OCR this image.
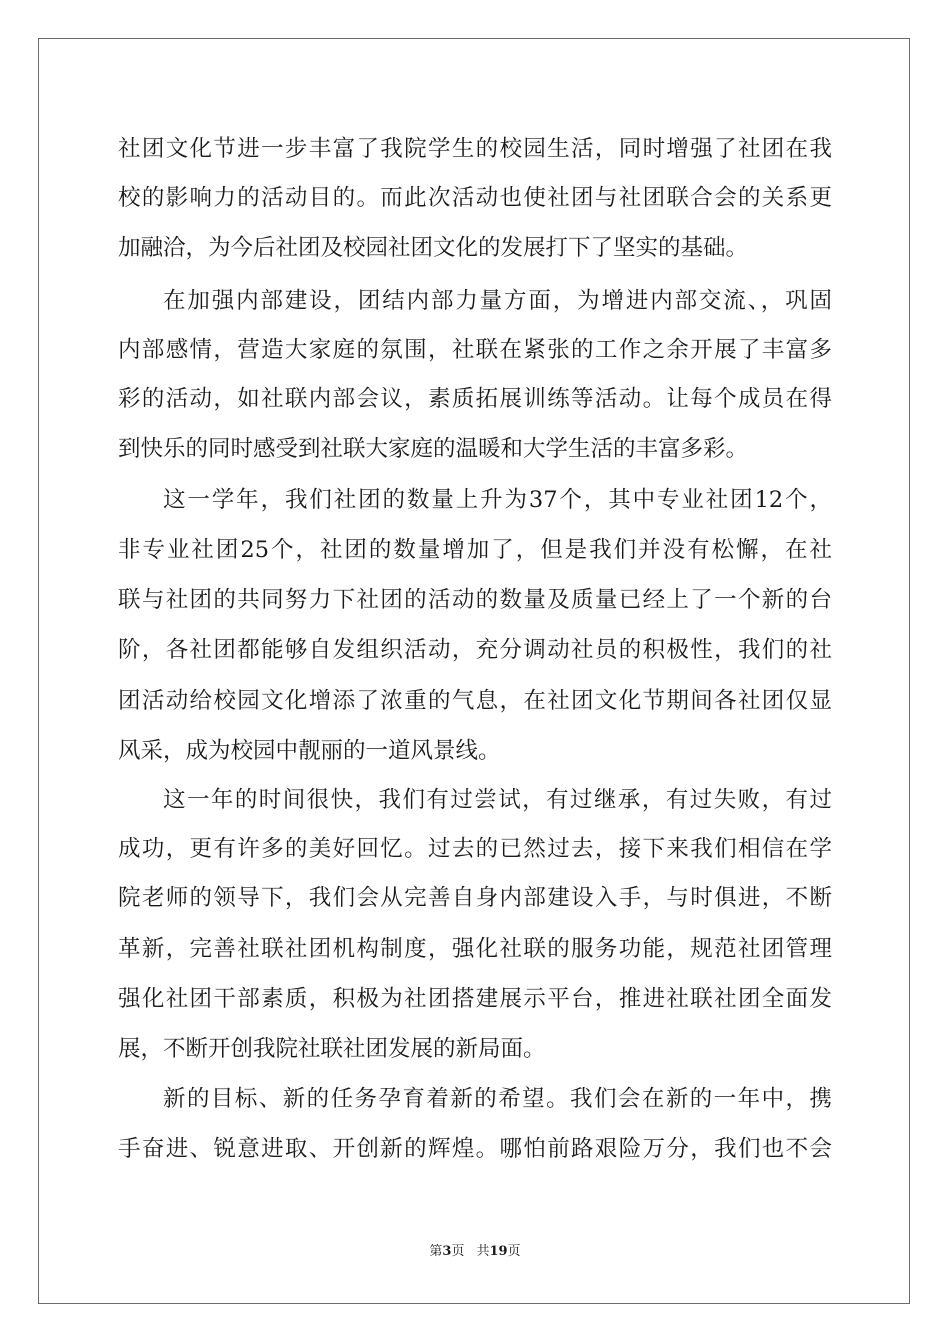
社团文化节进一步丰富了我院学生的校园生活，同时增强了社团在我
校的影响力的活动目的。而此次活动也使社团与社团联合会的关系更
加融洽，为今后社团及校园社团文化的发展打下了坚实的基础。
在加强内部建设，团结内部力量方面，为增进内部交流、，巩固
内部感情，营造大家庭的氛围，社联在紧张的工作之余开展了丰富多
彩的活动，如社联内部会议，素质拓展训练等活动。让每个成员在得
到快乐的同时感受到社联大家庭的温暖和大学生活的丰富多彩。
这一学年，我们社团的数量上升为37个，其中专业社团12个，
非专业社团25个，社团的数量增加了，但是我们并没有松懈，在社
联与社团的共同努力下社团的活动的数量及质量已经上了一个新的台
阶，各社团都能够自发组织活动，充分调动社员的积极性，我们的社
团活动给校园文化增添了浓重的气息，在社团文化节期间各社团仅显
风采，成为校园中靓丽的一道风景线。
这一年的时间很快，我们有过尝试，有过继承，有过失败，有过
成功，更有许多的美好回忆。过去的已然过去，接下来我们相信在学
院老师的领导下，我们会从完善自身内部建设入手，与时俱进，不断
革新，完善社联社团机构制度，强化社联的服务功能，规范社团管理
强化社团干部素质，积极为社团搭建展示平台，推进社联社团全面发
展，不断开创我院社联社团发展的新局面。
新的目标、新的任务孕育着新的希望。我们会在新的一年中，携
手奋进、锐意进取、开创新的辉煌。哪怕前路艰险万分，我们也不会
第3页 共19页
